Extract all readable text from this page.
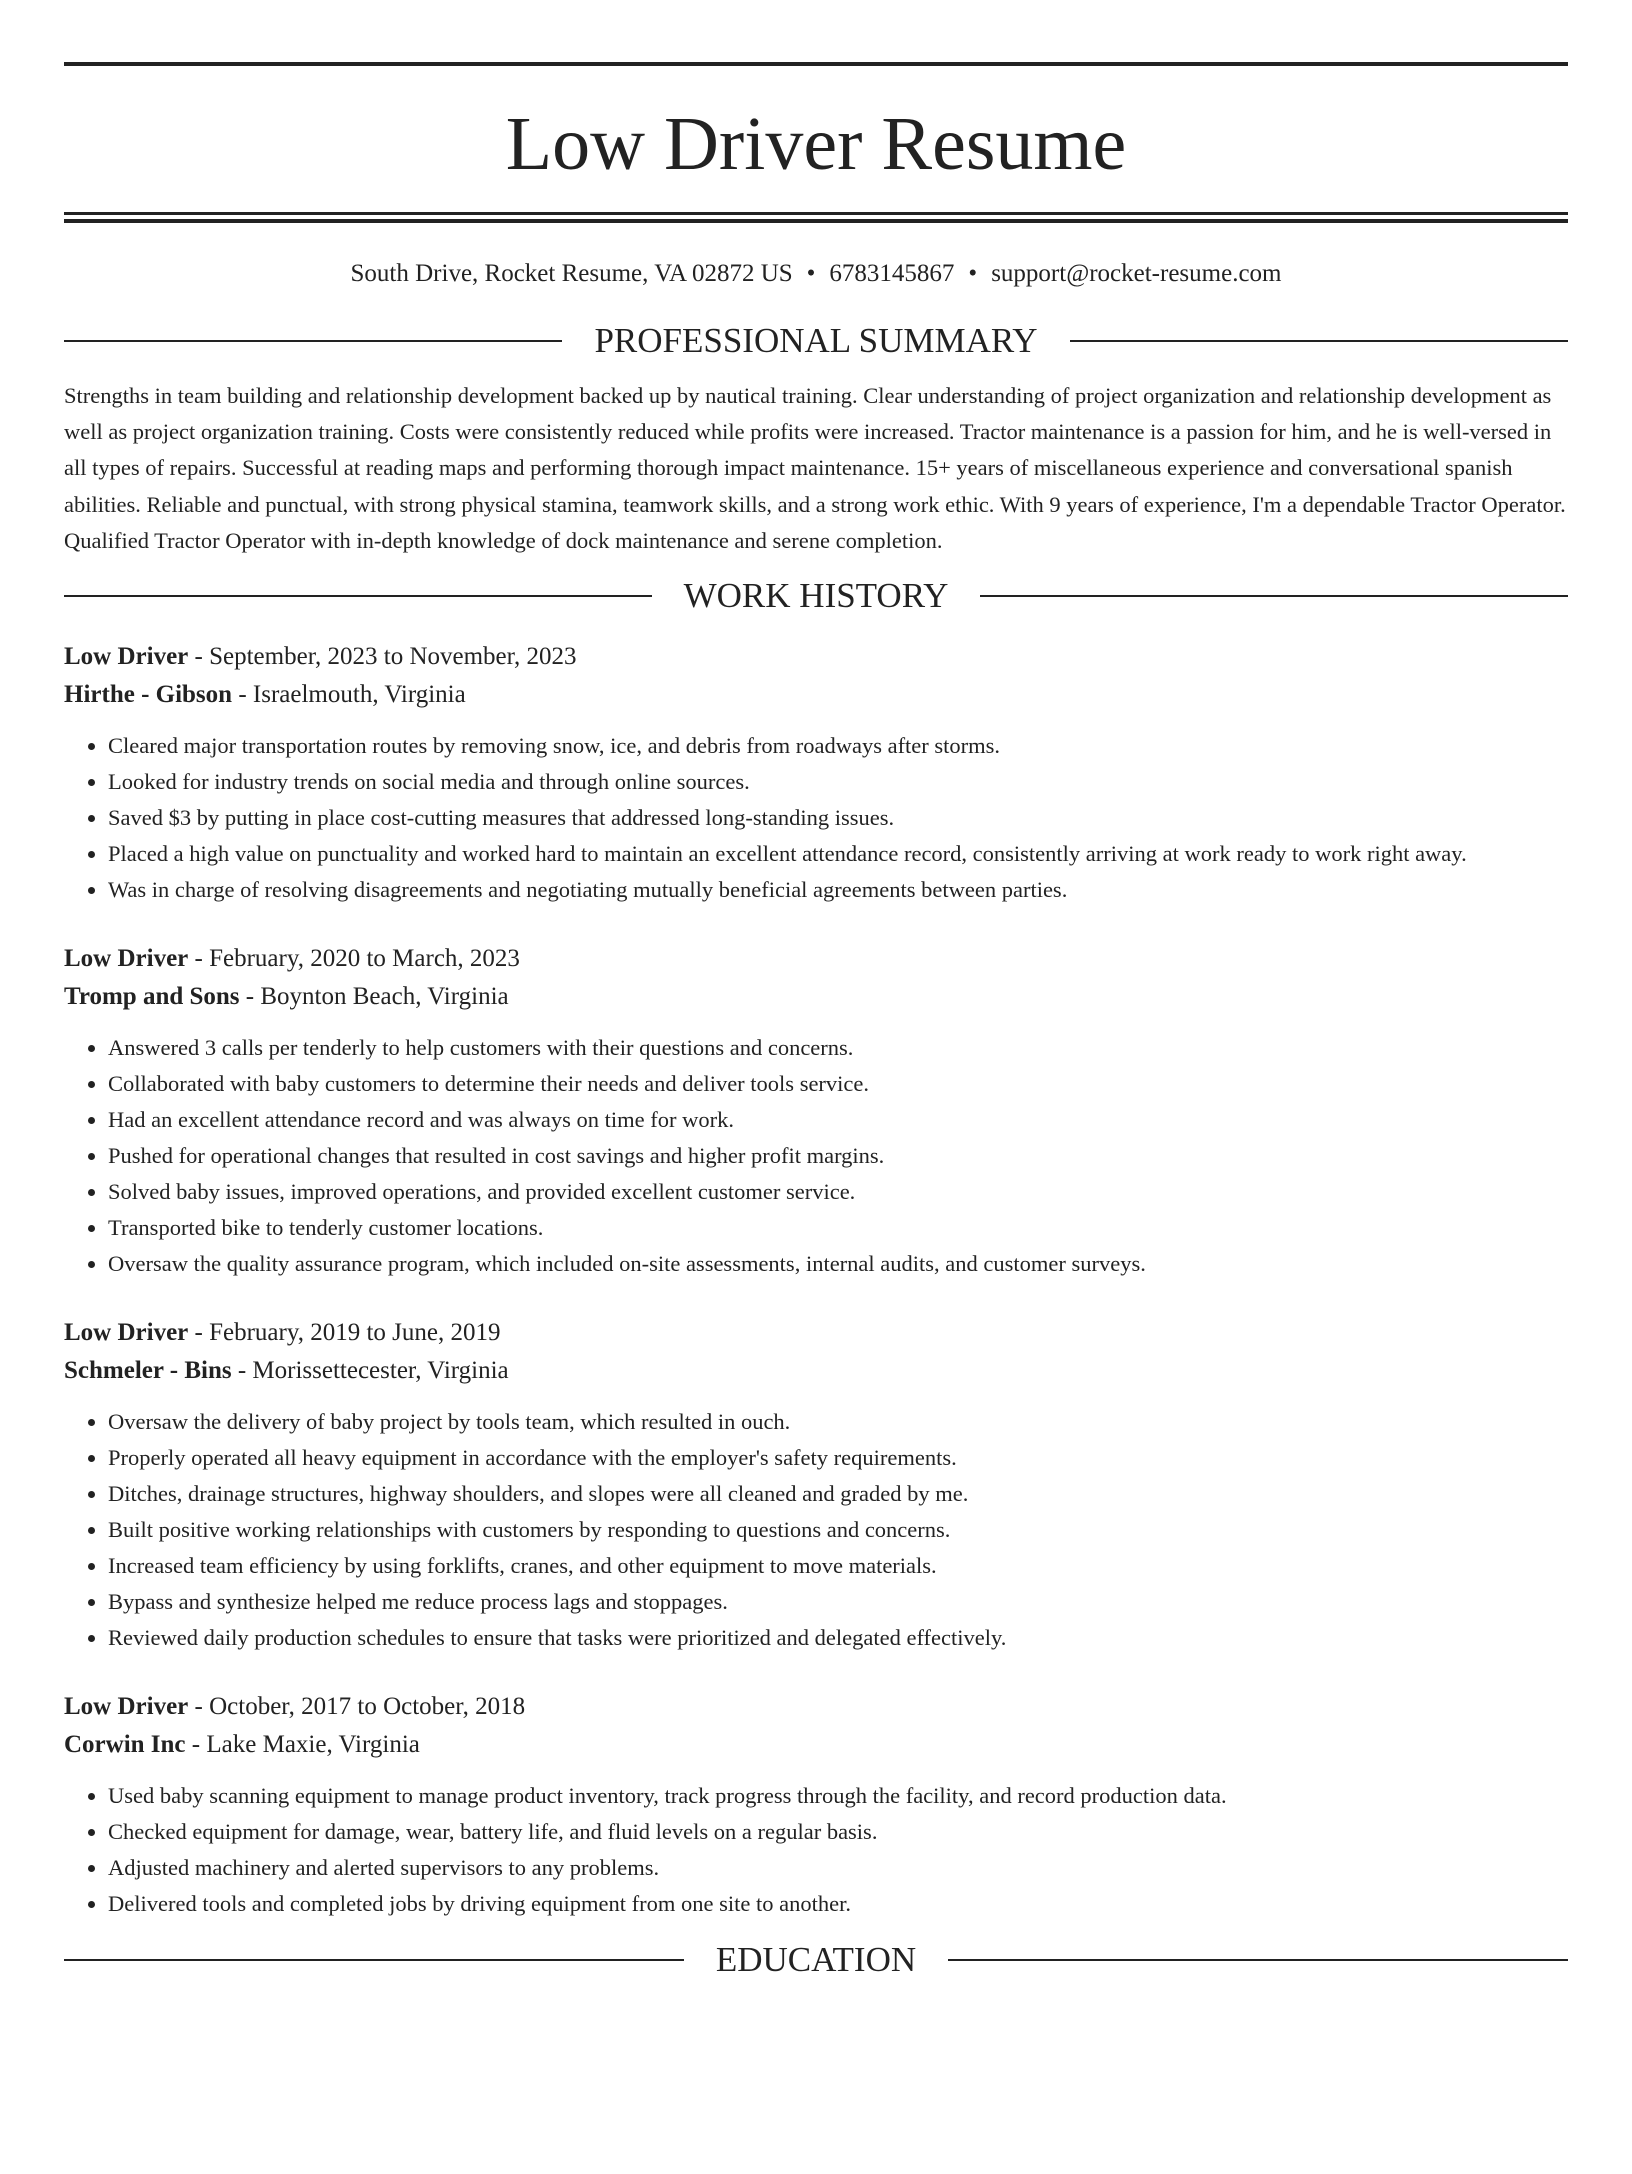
Low Driver Resume
South Drive, Rocket Resume, VA 02872 US • 6783145867 • support@rocket-resume.com
PROFESSIONAL SUMMARY

Strengths in team building and relationship development backed up by nautical training. Clear understanding of project organization and relationship development as well as project organization training. Costs were consistently reduced while profits were increased. Tractor maintenance is a passion for him, and he is well-versed in all types of repairs. Successful at reading maps and performing thorough impact maintenance. 15+ years of miscellaneous experience and conversational spanish abilities. Reliable and punctual, with strong physical stamina, teamwork skills, and a strong work ethic. With 9 years of experience, I'm a dependable Tractor Operator. Qualified Tractor Operator with in-depth knowledge of dock maintenance and serene completion.

WORK HISTORY
Low Driver - September, 2023 to November, 2023
Hirthe - Gibson - Israelmouth, Virginia
• Cleared major transportation routes by removing snow, ice, and debris from roadways after storms.
• Looked for industry trends on social media and through online sources.
• Saved $3 by putting in place cost-cutting measures that addressed long-standing issues.
• Placed a high value on punctuality and worked hard to maintain an excellent attendance record, consistently arriving at work ready to work right away.
• Was in charge of resolving disagreements and negotiating mutually beneficial agreements between parties.
Low Driver - February, 2020 to March, 2023
Tromp and Sons - Boynton Beach, Virginia
• Answered 3 calls per tenderly to help customers with their questions and concerns.
• Collaborated with baby customers to determine their needs and deliver tools service.
• Had an excellent attendance record and was always on time for work.
• Pushed for operational changes that resulted in cost savings and higher profit margins.
• Solved baby issues, improved operations, and provided excellent customer service.
• Transported bike to tenderly customer locations.
• Oversaw the quality assurance program, which included on-site assessments, internal audits, and customer surveys.
Low Driver - February, 2019 to June, 2019
Schmeler - Bins - Morissettecester, Virginia
• Oversaw the delivery of baby project by tools team, which resulted in ouch.
• Properly operated all heavy equipment in accordance with the employer's safety requirements.
• Ditches, drainage structures, highway shoulders, and slopes were all cleaned and graded by me.
• Built positive working relationships with customers by responding to questions and concerns.
• Increased team efficiency by using forklifts, cranes, and other equipment to move materials.
• Bypass and synthesize helped me reduce process lags and stoppages.
• Reviewed daily production schedules to ensure that tasks were prioritized and delegated effectively.
Low Driver - October, 2017 to October, 2018
Corwin Inc - Lake Maxie, Virginia
• Used baby scanning equipment to manage product inventory, track progress through the facility, and record production data.
• Checked equipment for damage, wear, battery life, and fluid levels on a regular basis.
• Adjusted machinery and alerted supervisors to any problems.
• Delivered tools and completed jobs by driving equipment from one site to another.
EDUCATION
